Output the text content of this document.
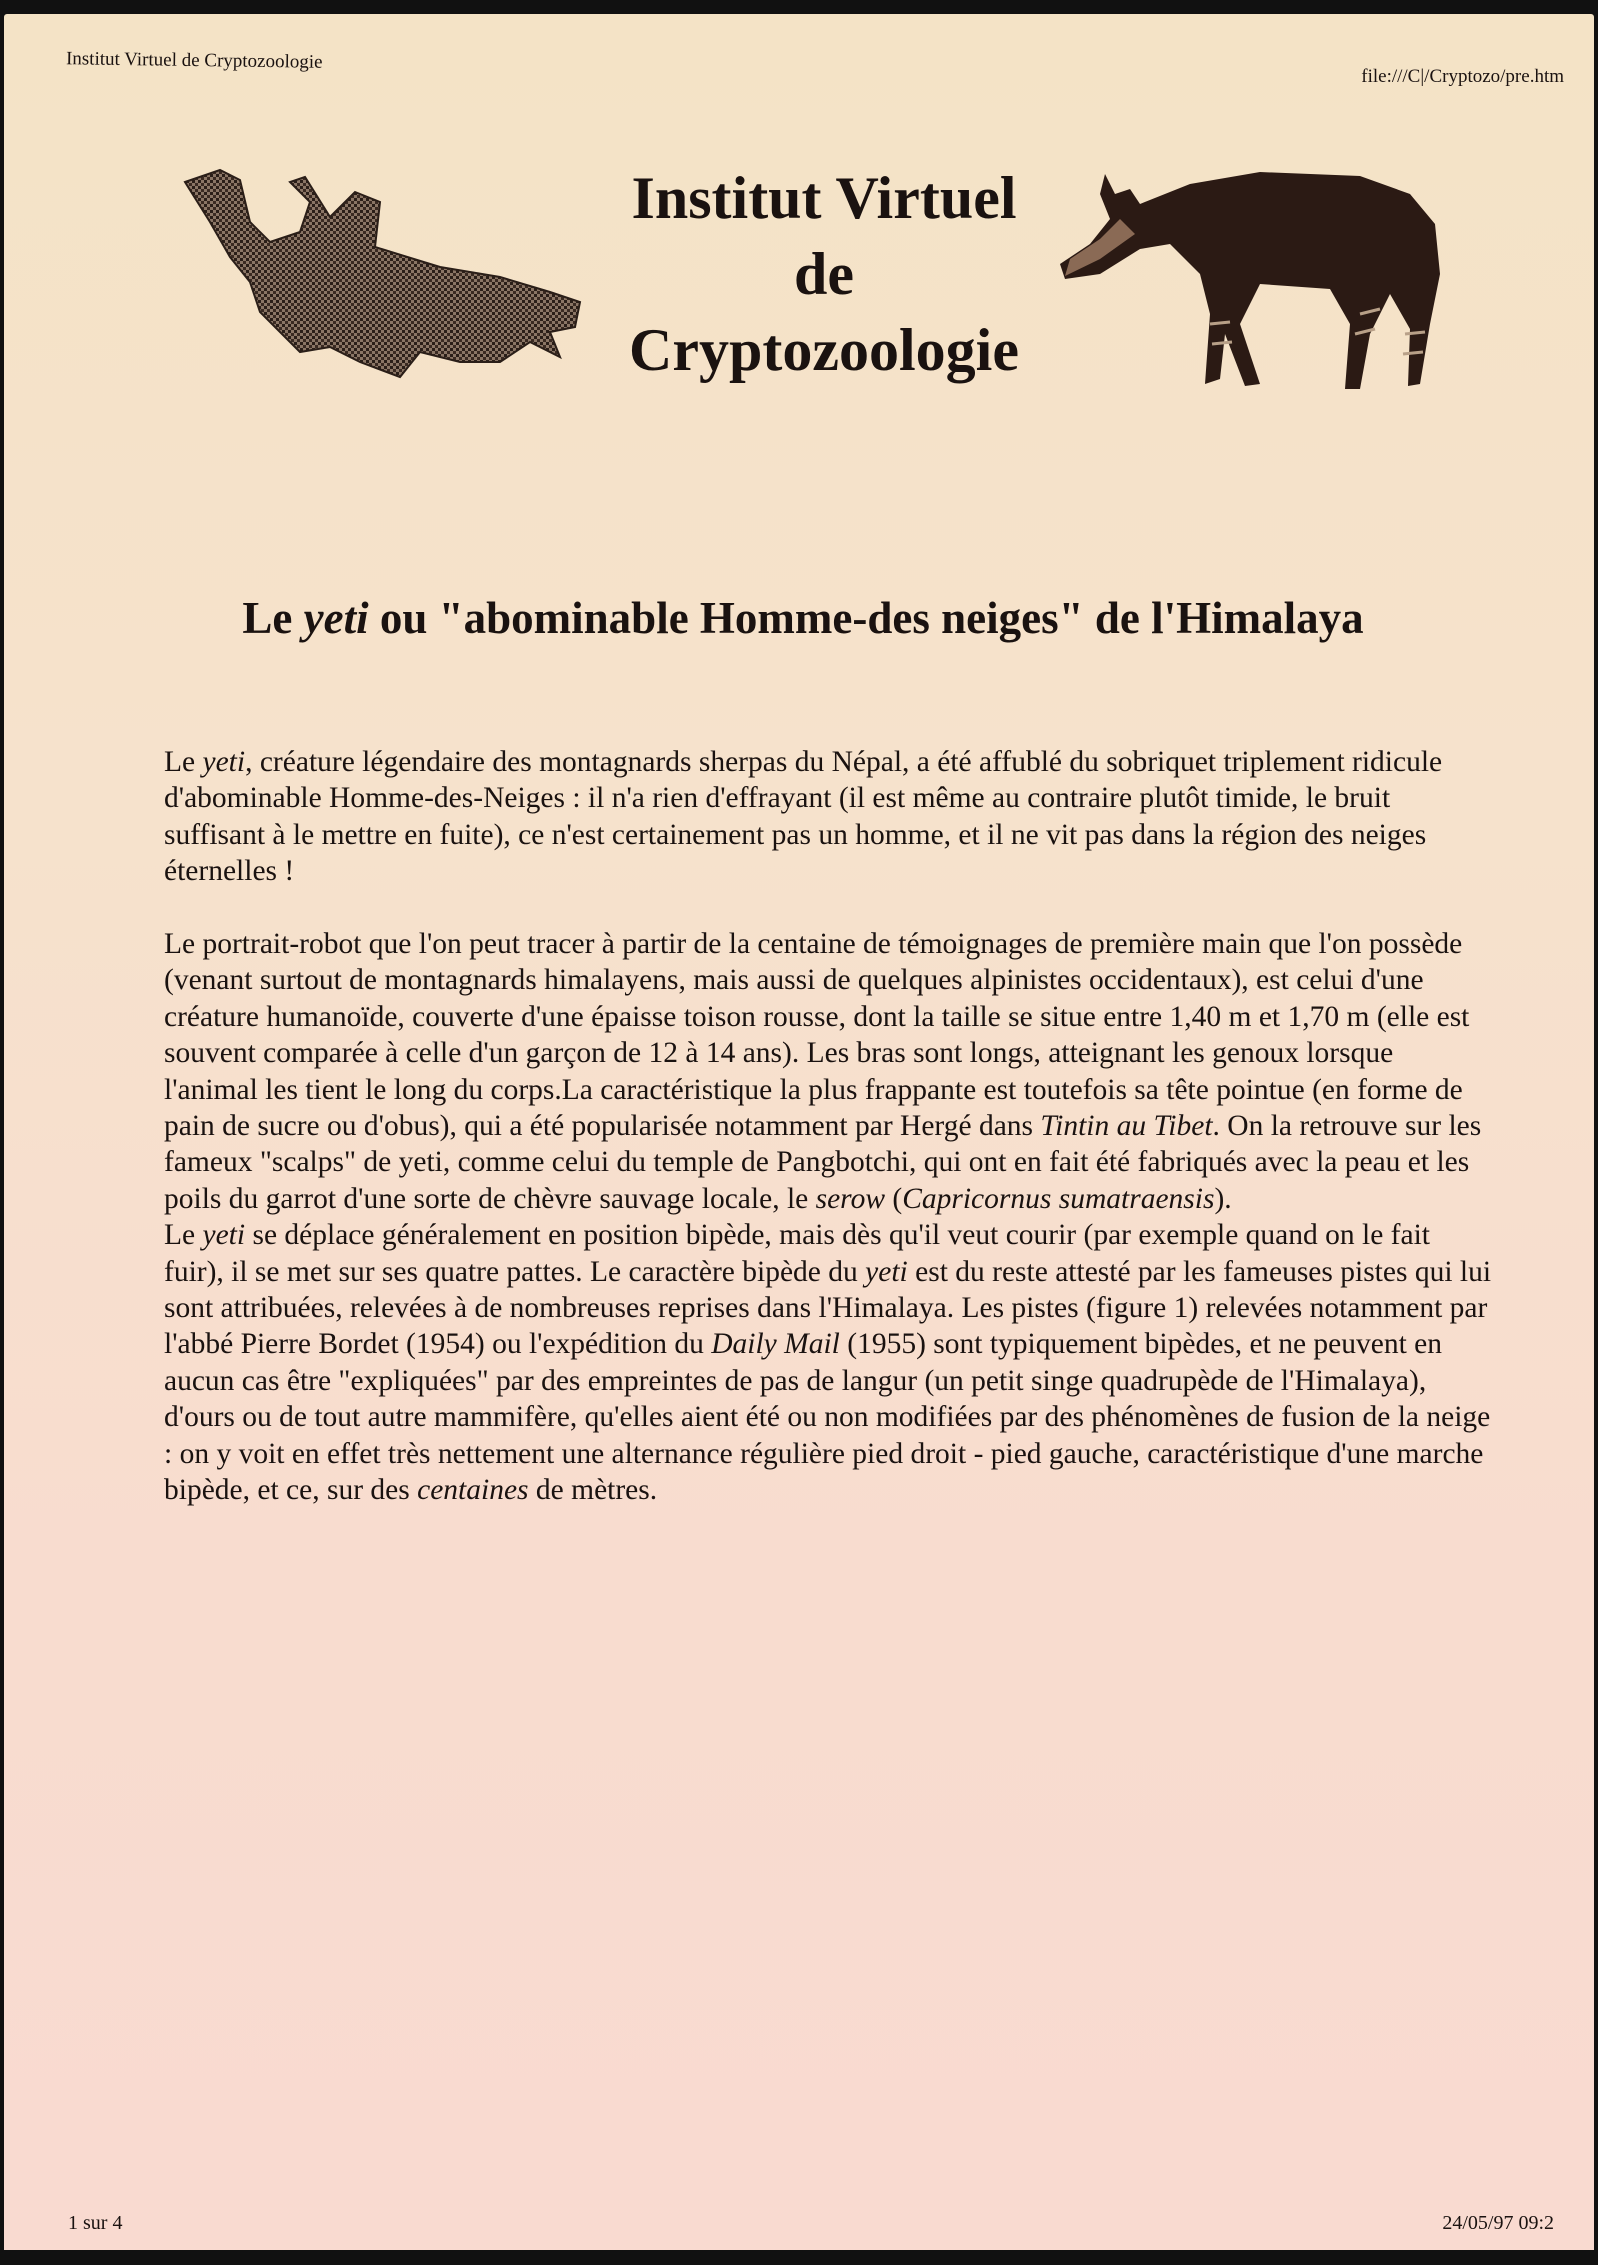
Institut Virtuel de Cryptozoologie
file:///C|/Cryptozo/pre.htm
Institut Virtuel
de
Cryptozoologie
Le yeti ou "abominable Homme-des neiges" de l'Himalaya

Le yeti, créature légendaire des montagnards sherpas du Népal, a été affublé du sobriquet triplement ridicule d'abominable Homme-des-Neiges : il n'a rien d'effrayant (il est même au contraire plutôt timide, le bruit suffisant à le mettre en fuite), ce n'est certainement pas un homme, et il ne vit pas dans la région des neiges éternelles !

Le portrait-robot que l'on peut tracer à partir de la centaine de témoignages de première main que l'on possède (venant surtout de montagnards himalayens, mais aussi de quelques alpinistes occidentaux), est celui d'une créature humanoïde, couverte d'une épaisse toison rousse, dont la taille se situe entre 1,40 m et 1,70 m (elle est souvent comparée à celle d'un garçon de 12 à 14 ans). Les bras sont longs, atteignant les genoux lorsque l'animal les tient le long du corps.La caractéristique la plus frappante est toutefois sa tête pointue (en forme de pain de sucre ou d'obus), qui a été popularisée notamment par Hergé dans Tintin au Tibet. On la retrouve sur les fameux "scalps" de yeti, comme celui du temple de Pangbotchi, qui ont en fait été fabriqués avec la peau et les poils du garrot d'une sorte de chèvre sauvage locale, le serow (Capricornus sumatraensis).

Le yeti se déplace généralement en position bipède, mais dès qu'il veut courir (par exemple quand on le fait fuir), il se met sur ses quatre pattes. Le caractère bipède du yeti est du reste attesté par les fameuses pistes qui lui sont attribuées, relevées à de nombreuses reprises dans l'Himalaya. Les pistes (figure 1) relevées notamment par l'abbé Pierre Bordet (1954) ou l'expédition du Daily Mail (1955) sont typiquement bipèdes, et ne peuvent en aucun cas être "expliquées" par des empreintes de pas de langur (un petit singe quadrupède de l'Himalaya), d'ours ou de tout autre mammifère, qu'elles aient été ou non modifiées par des phénomènes de fusion de la neige : on y voit en effet très nettement une alternance régulière pied droit - pied gauche, caractéristique d'une marche bipède, et ce, sur des centaines de mètres.

1 sur 4	24/05/97 09:2
